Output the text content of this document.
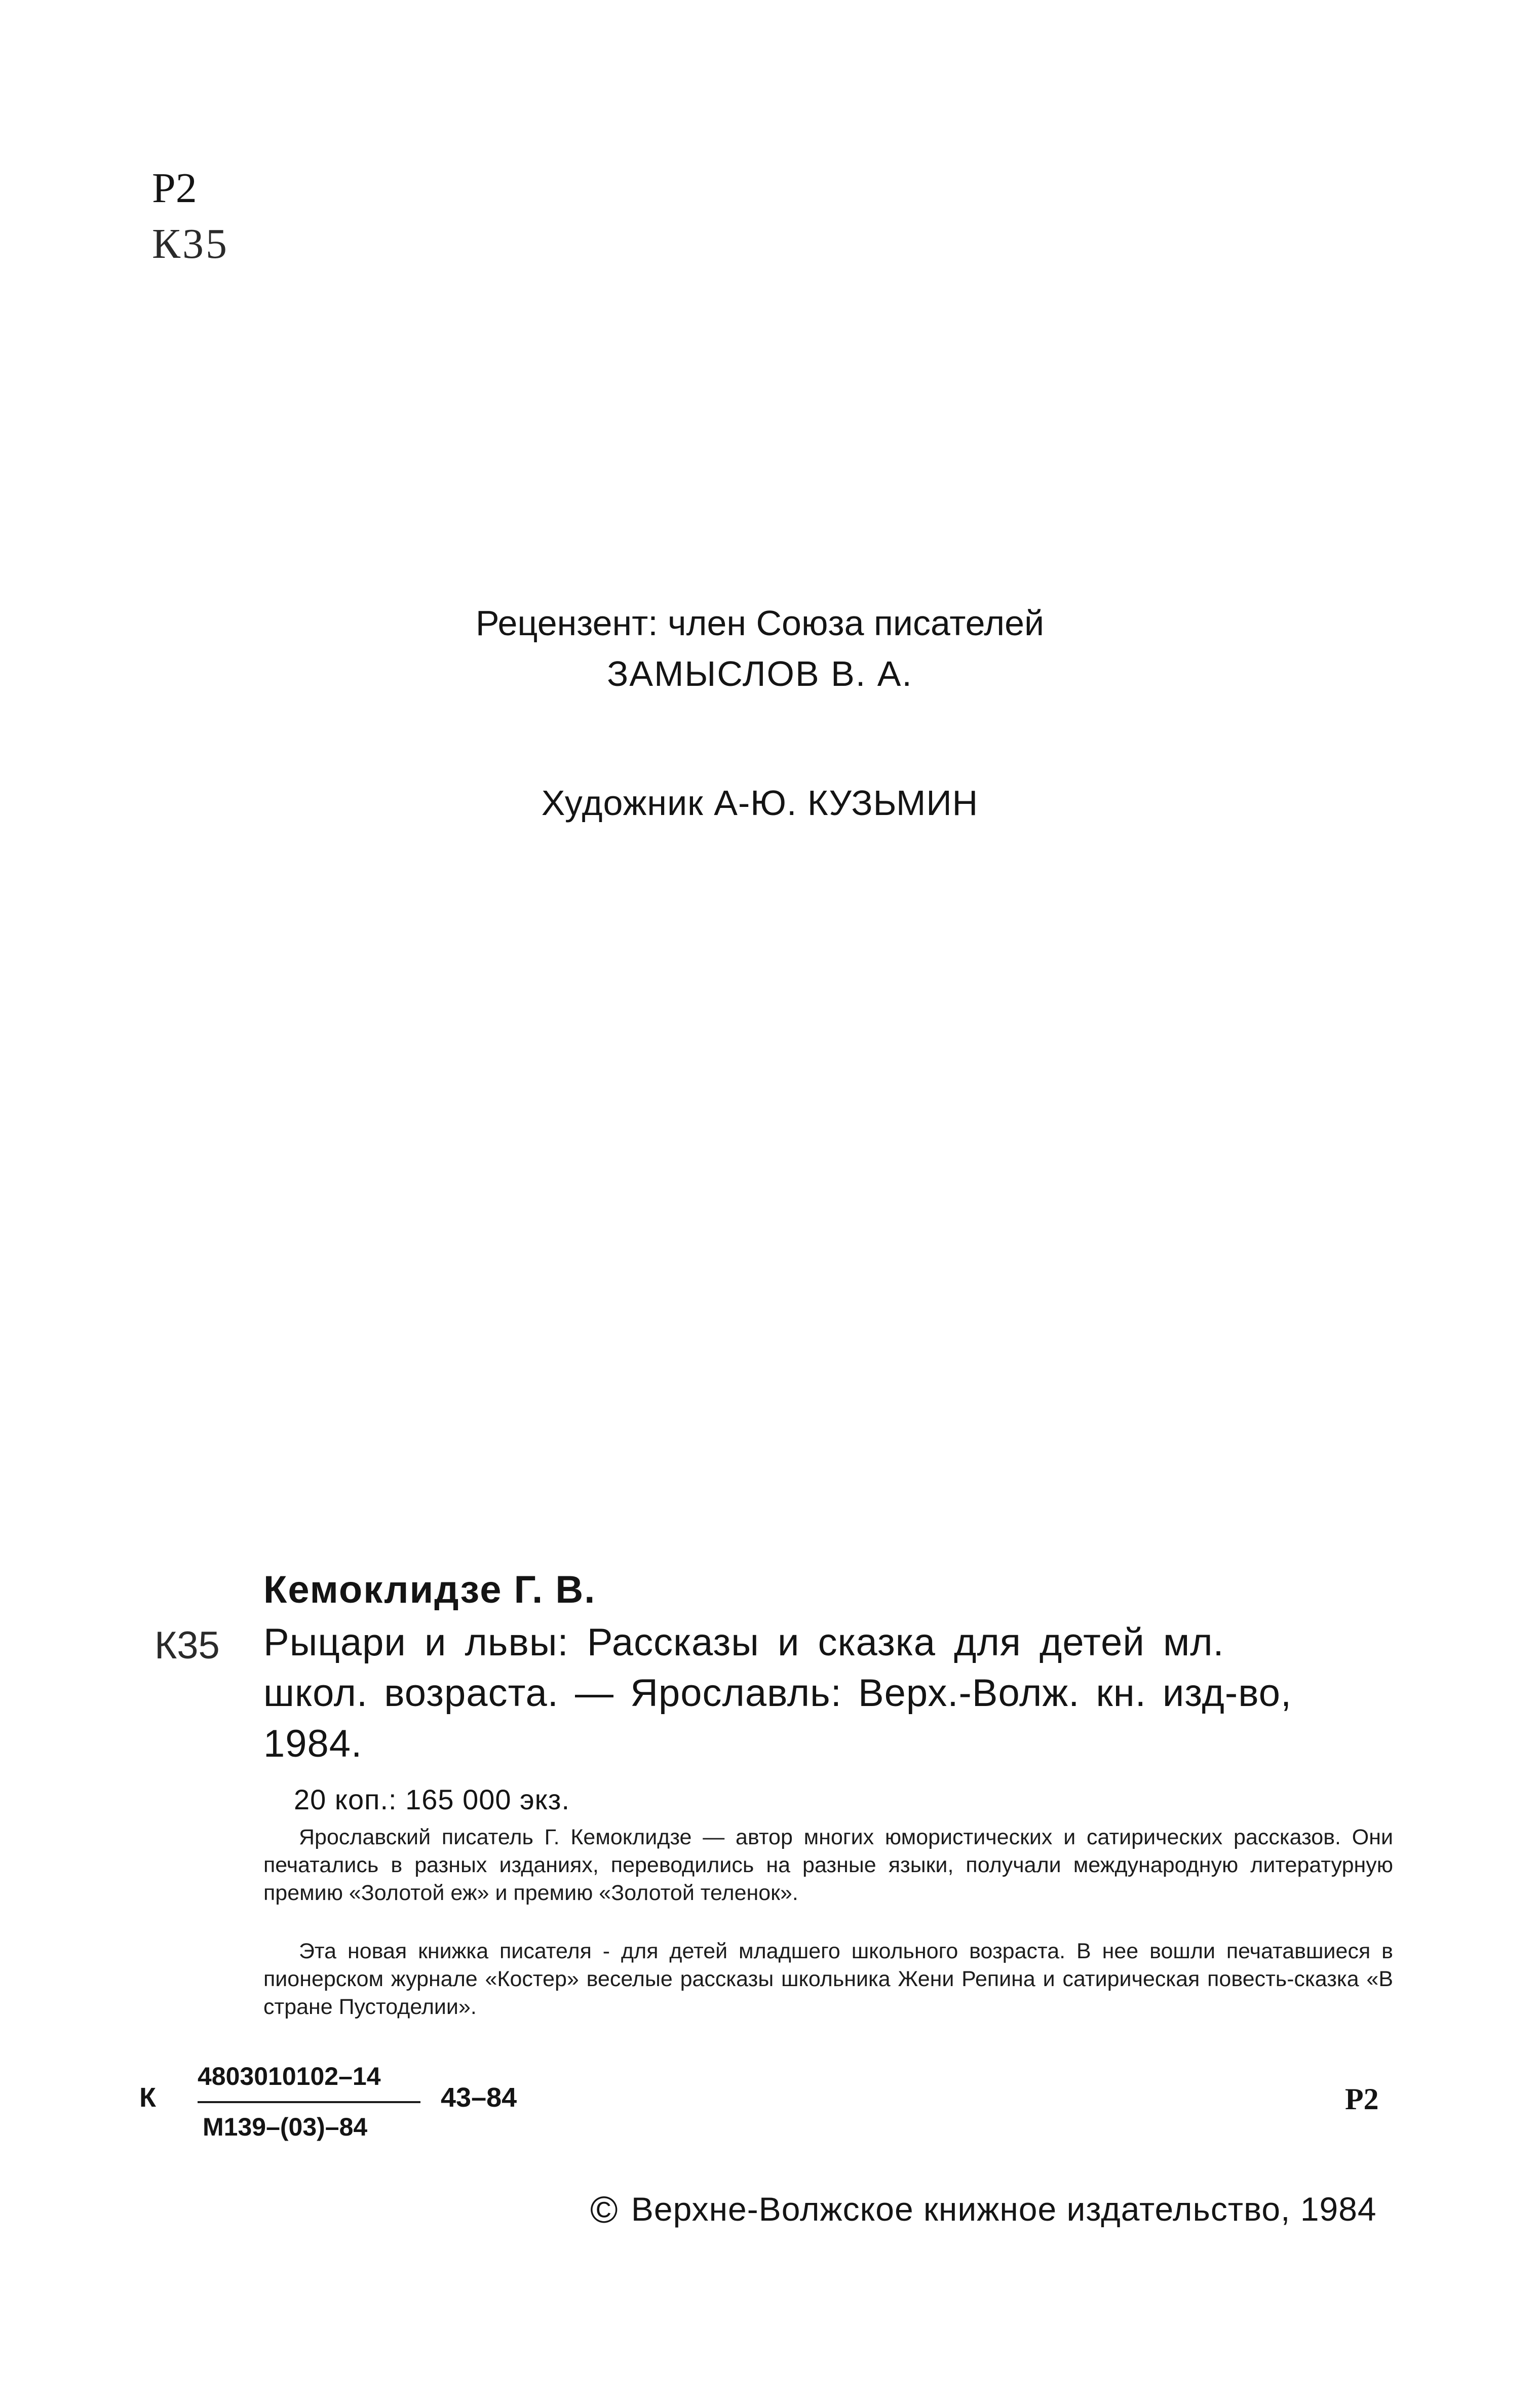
Р2
К35
Рецензент: член Союза писателей
ЗАМЫСЛОВ В. А.
Художник А-Ю. КУЗЬМИН
Кемоклидзе Г. В.
К35 Рыцари и львы: Рассказы и сказка для детей мл.
школ. возраста. — Ярославль: Верх.-Волж. кн. изд-во,
1984.
20 коп.: 165 000 экз.
Ярославский писатель Г. Кемоклидзе — автор многих юмористических и сатирических рассказов. Они печатались в разных изданиях, переводились на разные языки, получали международную литературную премию «Золотой еж» и премию «Золотой теленок».
Эта новая книжка писателя - для детей младшего школьного возраста. В нее вошли печатавшиеся в пионерском журнале «Костер» веселые рассказы школьника Жени Репина и сатирическая повесть-сказка «В стране Пустоделии».
К
4803010102–14
М139–(03)–84
43–84	Р2
© Верхне-Волжское книжное издательство, 1984
